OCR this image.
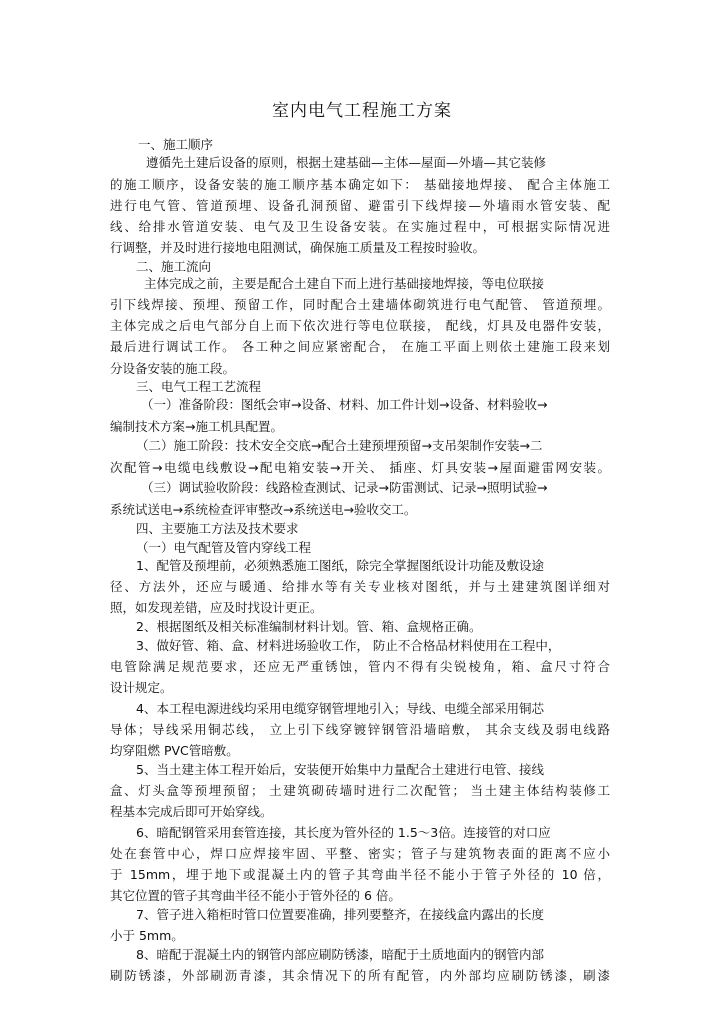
室内电气工程施工方案
一、施工顺序
遵循先土建后设备的原则，根据土建基础—主体—屋面—外墙—其它装修
的施工顺序，设备安装的施工顺序基本确定如下： 基础接地焊接、 配合主体施工
进行电气管、管道预埋、设备孔洞预留、避雷引下线焊接—外墙雨水管安装、配
线、给排水管道安装、电气及卫生设备安装。在实施过程中，可根据实际情况进
行调整，并及时进行接地电阻测试，确保施工质量及工程按时验收。
二、施工流向
主体完成之前，主要是配合土建自下而上进行基础接地焊接，等电位联接
引下线焊接、预埋、预留工作，同时配合土建墙体砌筑进行电气配管、 管道预埋。
主体完成之后电气部分自上而下依次进行等电位联接， 配线，灯具及电器件安装，
最后进行调试工作。 各工种之间应紧密配合， 在施工平面上则依土建施工段来划
分设备安装的施工段。
三、电气工程工艺流程
（一）准备阶段：图纸会审→设备、材料、加工件计划→设备、材料验收→
编制技术方案→施工机具配置。
（二）施工阶段：技术安全交底→配合土建预埋预留→支吊架制作安装→二
次配管→电缆电线敷设→配电箱安装→开关、 插座、灯具安装→屋面避雷网安装。
（三）调试验收阶段：线路检查测试、记录→防雷测试、记录→照明试验→
系统试送电→系统检查评审整改→系统送电→验收交工。
四、主要施工方法及技术要求
（一）电气配管及管内穿线工程
1、配管及预埋前，必须熟悉施工图纸，除完全掌握图纸设计功能及敷设途
径、方法外，还应与暖通、给排水等有关专业核对图纸，并与土建建筑图详细对
照，如发现差错，应及时找设计更正。
2、根据图纸及相关标准编制材料计划。管、箱、盒规格正确。
3、做好管、箱、盒、材料进场验收工作， 防止不合格品材料使用在工程中，
电管除满足规范要求，还应无严重锈蚀，管内不得有尖锐棱角，箱、盒尺寸符合
设计规定。
4、本工程电源进线均采用电缆穿钢管埋地引入；导线、电缆全部采用铜芯
导体；导线采用铜芯线， 立上引下线穿镀锌钢管沿墙暗敷， 其余支线及弱电线路
均穿阻燃 PVC管暗敷。
5、当土建主体工程开始后，安装便开始集中力量配合土建进行电管、接线
盒、灯头盒等预埋预留； 土建筑砌砖墙时进行二次配管； 当土建主体结构装修工
程基本完成后即可开始穿线。
6、暗配钢管采用套管连接，其长度为管外径的 1.5～3倍。连接管的对口应
处在套管中心，焊口应焊接牢固、平整、密实；管子与建筑物表面的距离不应小
于 15mm，埋于地下或混凝土内的管子其弯曲半径不能小于管子外径的 10 倍，
其它位置的管子其弯曲半径不能小于管外径的 6 倍。
7、管子进入箱柜时管口位置要准确，排列要整齐，在接线盒内露出的长度
小于 5mm。
8、暗配于混凝土内的钢管内部应刷防锈漆，暗配于土质地面内的钢管内部
刷防锈漆，外部刷沥青漆，其余情况下的所有配管，内外部均应刷防锈漆，刷漆
